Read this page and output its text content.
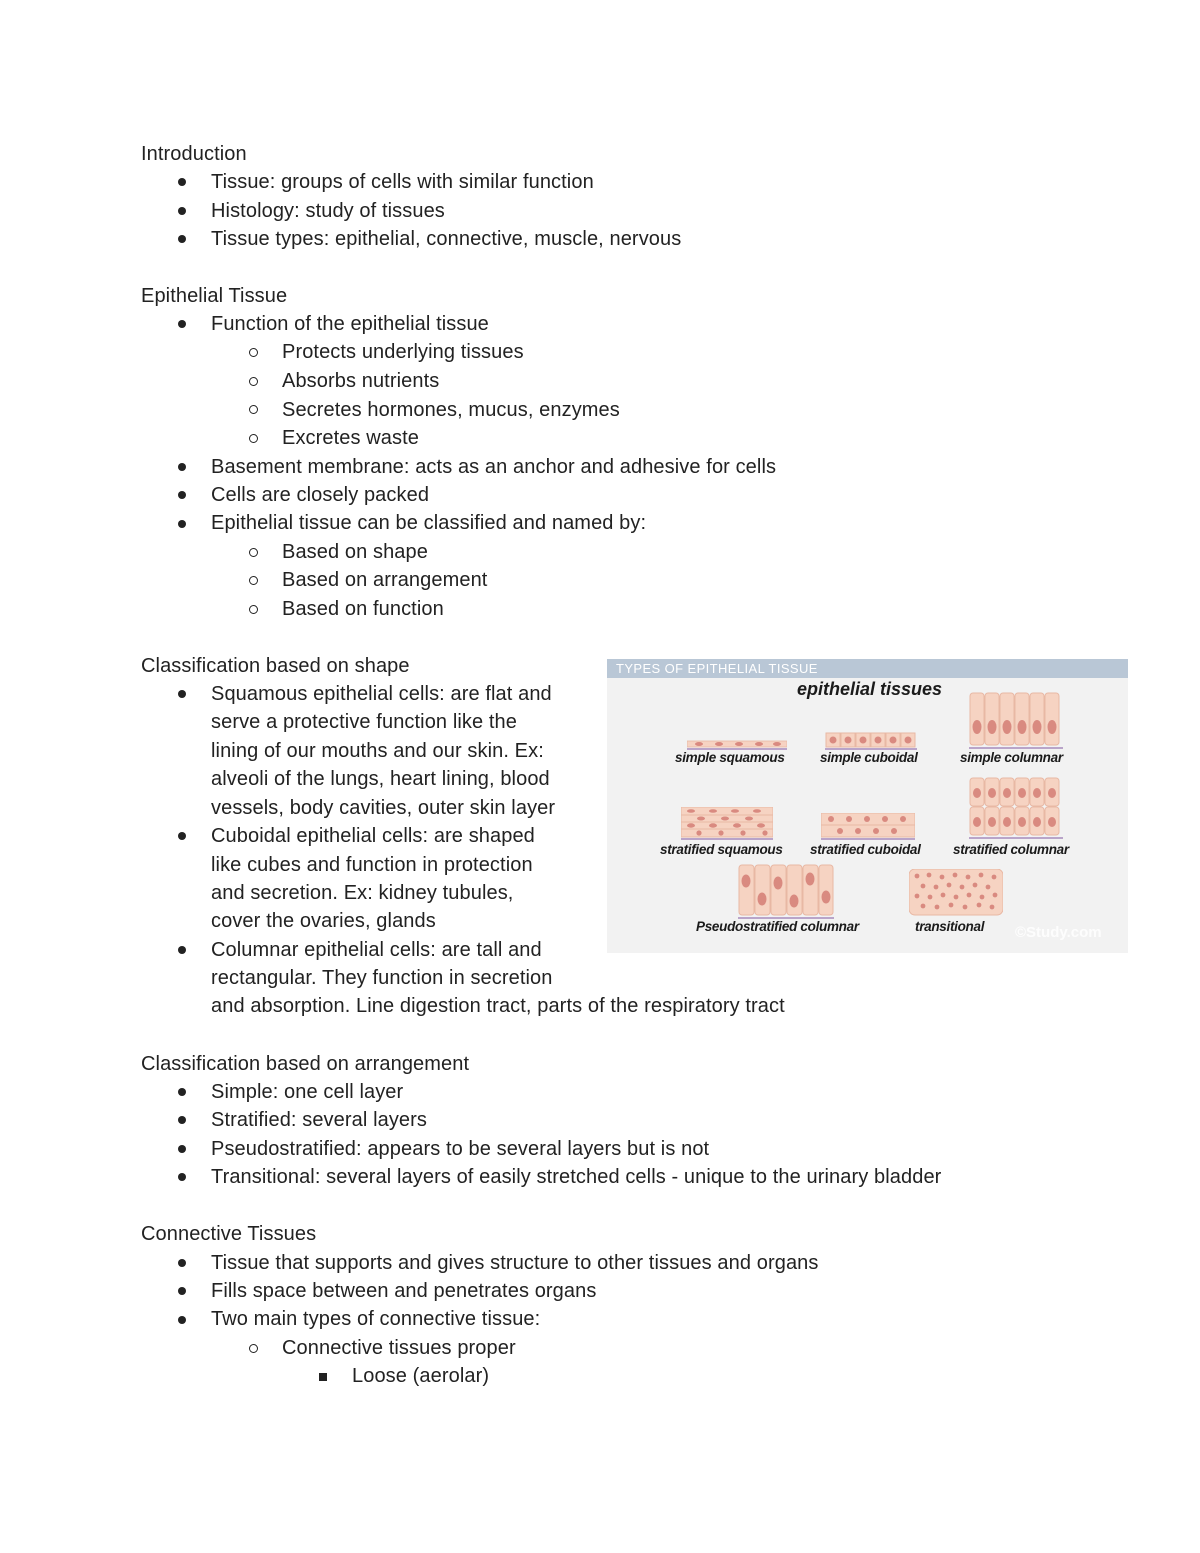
Introduction
Tissue: groups of cells with similar function
Histology: study of tissues
Tissue types: epithelial, connective, muscle, nervous
Epithelial Tissue
Function of the epithelial tissue
Protects underlying tissues
Absorbs nutrients
Secretes hormones, mucus, enzymes
Excretes waste
Basement membrane: acts as an anchor and adhesive for cells
Cells are closely packed
Epithelial tissue can be classified and named by:
Based on shape
Based on arrangement
Based on function
Classification based on shape
Squamous epithelial cells: are flat and
serve a protective function like the
lining of our mouths and our skin. Ex:
alveoli of the lungs, heart lining, blood
vessels, body cavities, outer skin layer
Cuboidal epithelial cells: are shaped
like cubes and function in protection
and secretion. Ex: kidney tubules,
cover the ovaries, glands
Columnar epithelial cells: are tall and
rectangular. They function in secretion
and absorption. Line digestion tract, parts of the respiratory tract
TYPES OF EPITHELIAL TISSUE
epithelial tissues
simple squamous	simple cuboidal	simple columnar
stratified squamous stratified cuboidal stratified columnar
Pseudostratified columnar	transitional ©Study.com
Classification based on arrangement
Simple: one cell layer
Stratified: several layers
Pseudostratified: appears to be several layers but is not
Transitional: several layers of easily stretched cells - unique to the urinary bladder
Connective Tissues
Tissue that supports and gives structure to other tissues and organs
Fills space between and penetrates organs
Two main types of connective tissue:
Connective tissues proper
Loose (aerolar)
